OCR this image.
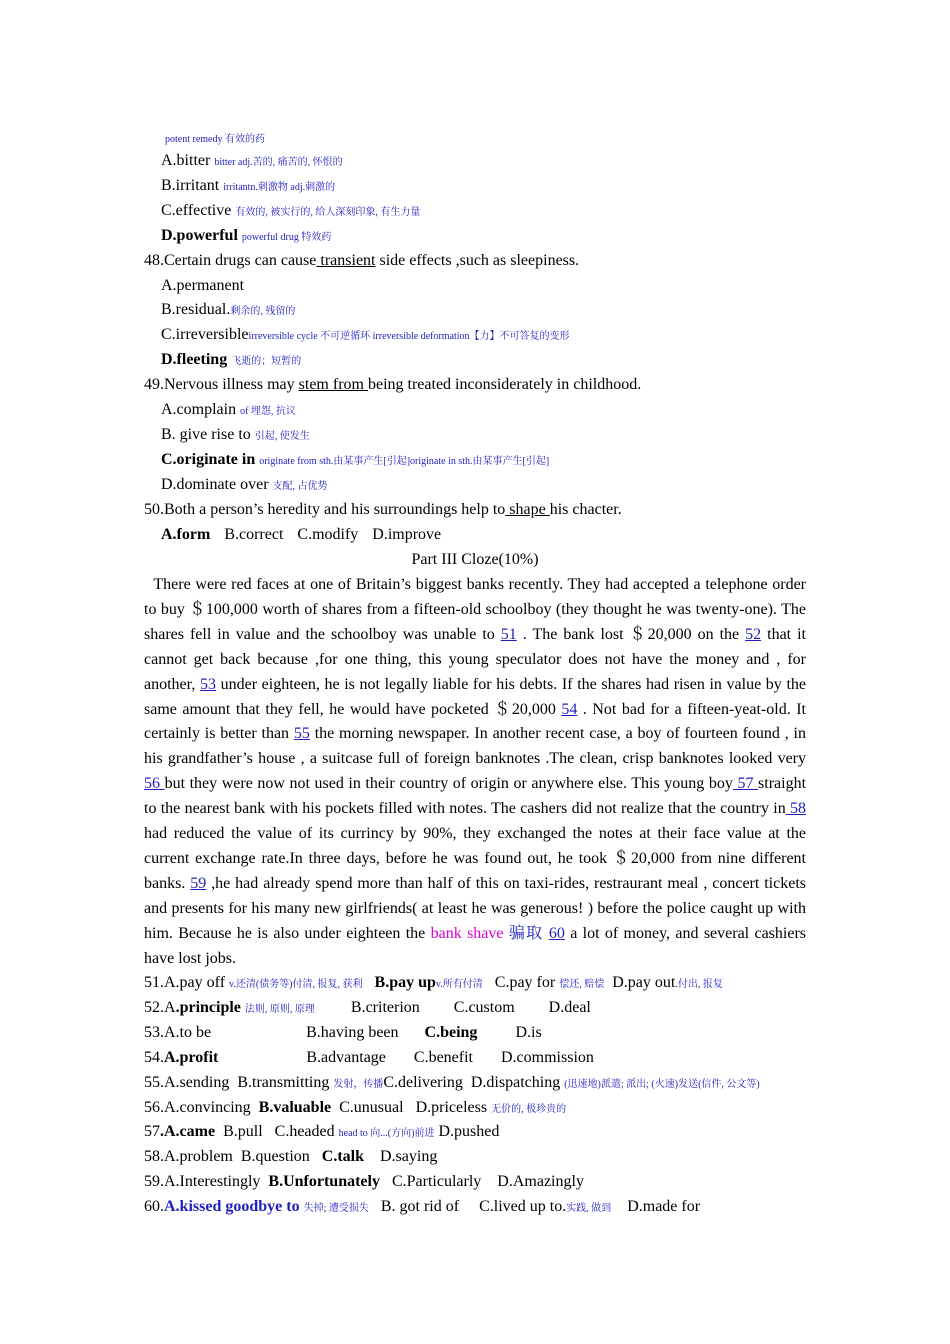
potent remedy 有效的药
A.bitter bitter adj.苦的, 痛苦的, 怀恨的
B.irritant irritantn.刺激物 adj.刺激的
C.effective 有效的, 被实行的, 给人深刻印象, 有生力量
D.powerful powerful drug 特效药
48.Certain drugs can cause transient side effects ,such as sleepiness.
A.permanent
B.residual.剩余的, 残留的
C.irreversibleirreversible cycle 不可逆循环 irreversible deformation【力】不可答复的变形
D.fleeting 飞逝的；短暂的
49.Nervous illness may stem from being treated inconsiderately in childhood.
A.complain of 埋怨, 抗议
B. give rise to 引起, 使发生
C.originate in originate from sth.由某事产生[引起]originate in sth.由某事产生[引起]
D.dominate over 支配, 占优势
50.Both a person’s heredity and his surroundings help to shape his chacter.
A.form B.correct C.modify D.improve
Part III Cloze(10%)
There were red faces at one of Britain’s biggest banks recently. They had accepted a telephone order to buy ＄100,000 worth of shares from a fifteen-old schoolboy (they thought he was twenty-one). The shares fell in value and the schoolboy was unable to 51 . The bank lost ＄20,000 on the 52 that it cannot get back because ,for one thing, this young speculator does not have the money and , for another, 53 under eighteen, he is not legally liable for his debts. If the shares had risen in value by the same amount that they fell, he would have pocketed ＄20,000 54 . Not bad for a fifteen-yeat-old. It certainly is better than 55 the morning newspaper. In another recent case, a boy of fourteen found , in his grandfather’s house , a suitcase full of foreign banknotes .The clean, crisp banknotes looked very 56 but they were now not used in their country of origin or anywhere else. This young boy 57 straight to the nearest bank with his pockets filled with notes. The cashers did not realize that the country in 58 had reduced the value of its currincy by 90%, they exchanged the notes at their face value at the current exchange rate.In three days, before he was found out, he took ＄20,000 from nine different banks. 59 ,he had already spend more than half of this on taxi-rides, restraurant meal , concert tickets and presents for his many new girlfriends( at least he was generous! ) before the police caught up with him. Because he is also under eighteen the bank shave 骗取 60 a lot of money, and several cashiers have lost jobs.
51.A.pay off v.还清(债务等)付清, 报复, 获利 B.pay upv.所有付清 C.pay for 偿还, 赔偿 D.pay out.付出, 报复
52.A.principle 法则, 原则, 原理 B.criterion C.custom D.deal
53.A.to be	B.having been C.being D.is
54.A.profit	B.advantage C.benefit D.commission
55.A.sending B.transmitting 发射，传播C.delivering D.dispatching (迅速地)派遣; 派出; (火速)发送(信件, 公文等)
56.A.convincing B.valuable C.unusual D.priceless 无价的, 极珍贵的
57.A.came B.pull C.headed head to 向...(方向)前进 D.pushed
58.A.problem B.question C.talk D.saying
59.A.Interestingly B.Unfortunately C.Particularly D.Amazingly
60.A.kissed goodbye to 失掉; 遭受损失 B. got rid of C.lived up to.实践, 做到 D.made for
